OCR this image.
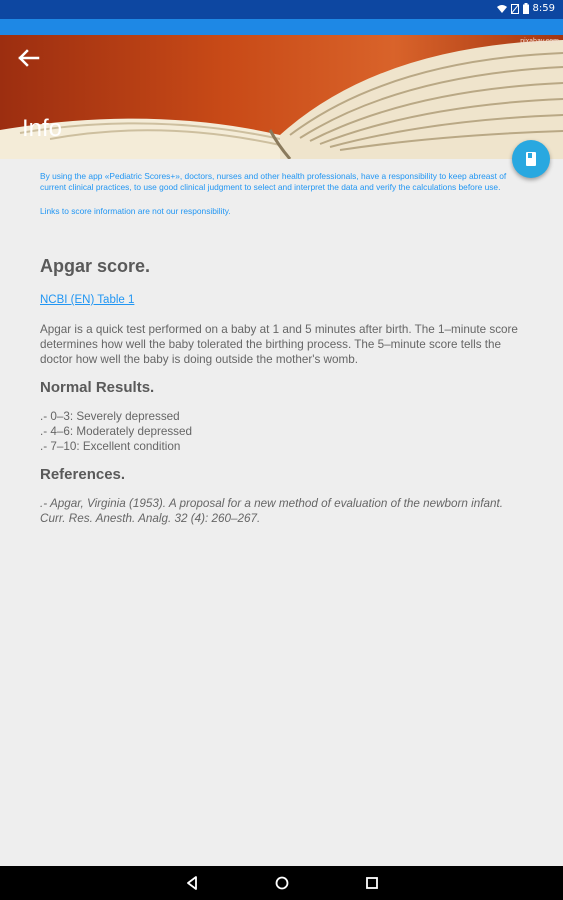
8:59
pixabay.com
Info

By using the app «Pediatric Scores+», doctors, nurses and other health professionals, have a responsibility to keep abreast of current clinical practices, to use good clinical judgment to select and interpret the data and verify the calculations before use.

Links to score information are not our responsibility.

Apgar score.
NCBI (EN) Table 1
Apgar is a quick test performed on a baby at 1 and 5 minutes after birth. The 1–minute score determines how well the baby tolerated the birthing process. The 5–minute score tells the doctor how well the baby is doing outside the mother's womb.
Normal Results.
.- 0–3: Severely depressed
.- 4–6: Moderately depressed
.- 7–10: Excellent condition
References.
.- Apgar, Virginia (1953). A proposal for a new method of evaluation of the newborn infant. Curr. Res. Anesth. Analg. 32 (4): 260–267.
